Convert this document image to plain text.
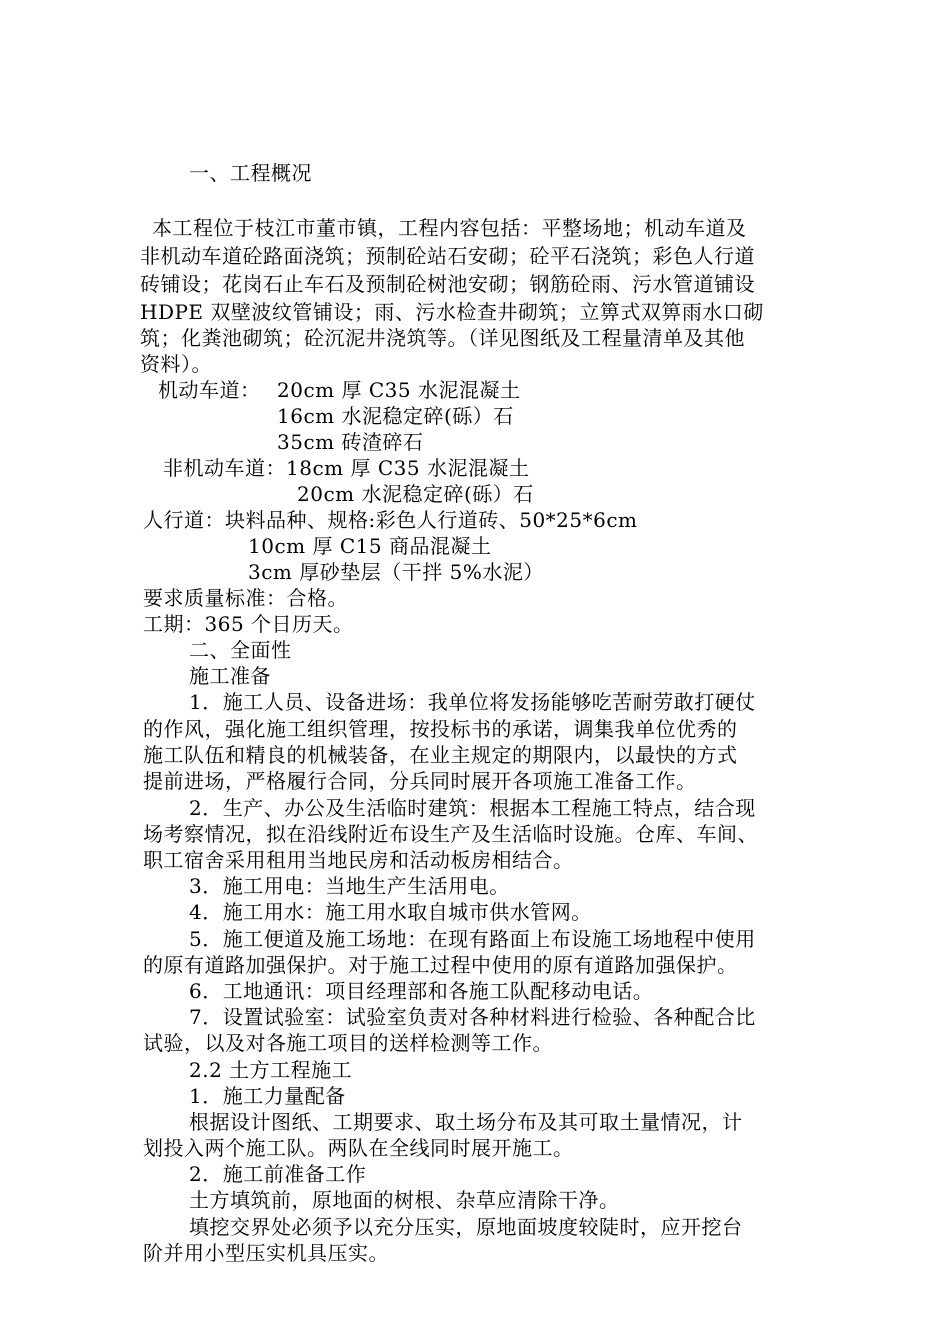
一、工程概况
本工程位于枝江市董市镇，工程内容包括：平整场地；机动车道及
非机动车道砼路面浇筑；预制砼站石安砌；砼平石浇筑；彩色人行道
砖铺设；花岗石止车石及预制砼树池安砌；钢筋砼雨、污水管道铺设
HDPE 双壁波纹管铺设；雨、污水检查井砌筑；立箅式双箅雨水口砌
筑；化粪池砌筑；砼沉泥井浇筑等。（详见图纸及工程量清单及其他
资料）。
机动车道： 20cm 厚 C35 水泥混凝土
16cm 水泥稳定碎(砾）石
35cm 砖渣碎石
非机动车道：18cm 厚 C35 水泥混凝土
20cm 水泥稳定碎(砾）石
人行道：块料品种、规格:彩色人行道砖、50*25*6cm
10cm 厚 C15 商品混凝土
3cm 厚砂垫层（干拌 5%水泥）
要求质量标准：合格。
工期：365 个日历天。
二、全面性
施工准备
1．施工人员、设备进场：我单位将发扬能够吃苦耐劳敢打硬仗
的作风，强化施工组织管理，按投标书的承诺，调集我单位优秀的
施工队伍和精良的机械装备，在业主规定的期限内，以最快的方式
提前进场，严格履行合同，分兵同时展开各项施工准备工作。
2．生产、办公及生活临时建筑：根据本工程施工特点，结合现
场考察情况，拟在沿线附近布设生产及生活临时设施。仓库、车间、
职工宿舍采用租用当地民房和活动板房相结合。
3．施工用电：当地生产生活用电。
4．施工用水：施工用水取自城市供水管网。
5．施工便道及施工场地：在现有路面上布设施工场地程中使用
的原有道路加强保护。对于施工过程中使用的原有道路加强保护。
6．工地通讯：项目经理部和各施工队配移动电话。
7．设置试验室：试验室负责对各种材料进行检验、各种配合比
试验，以及对各施工项目的送样检测等工作。
2.2 土方工程施工
1．施工力量配备
根据设计图纸、工期要求、取土场分布及其可取土量情况，计
划投入两个施工队。两队在全线同时展开施工。
2．施工前准备工作
土方填筑前，原地面的树根、杂草应清除干净。
填挖交界处必须予以充分压实，原地面坡度较陡时，应开挖台
阶并用小型压实机具压实。
